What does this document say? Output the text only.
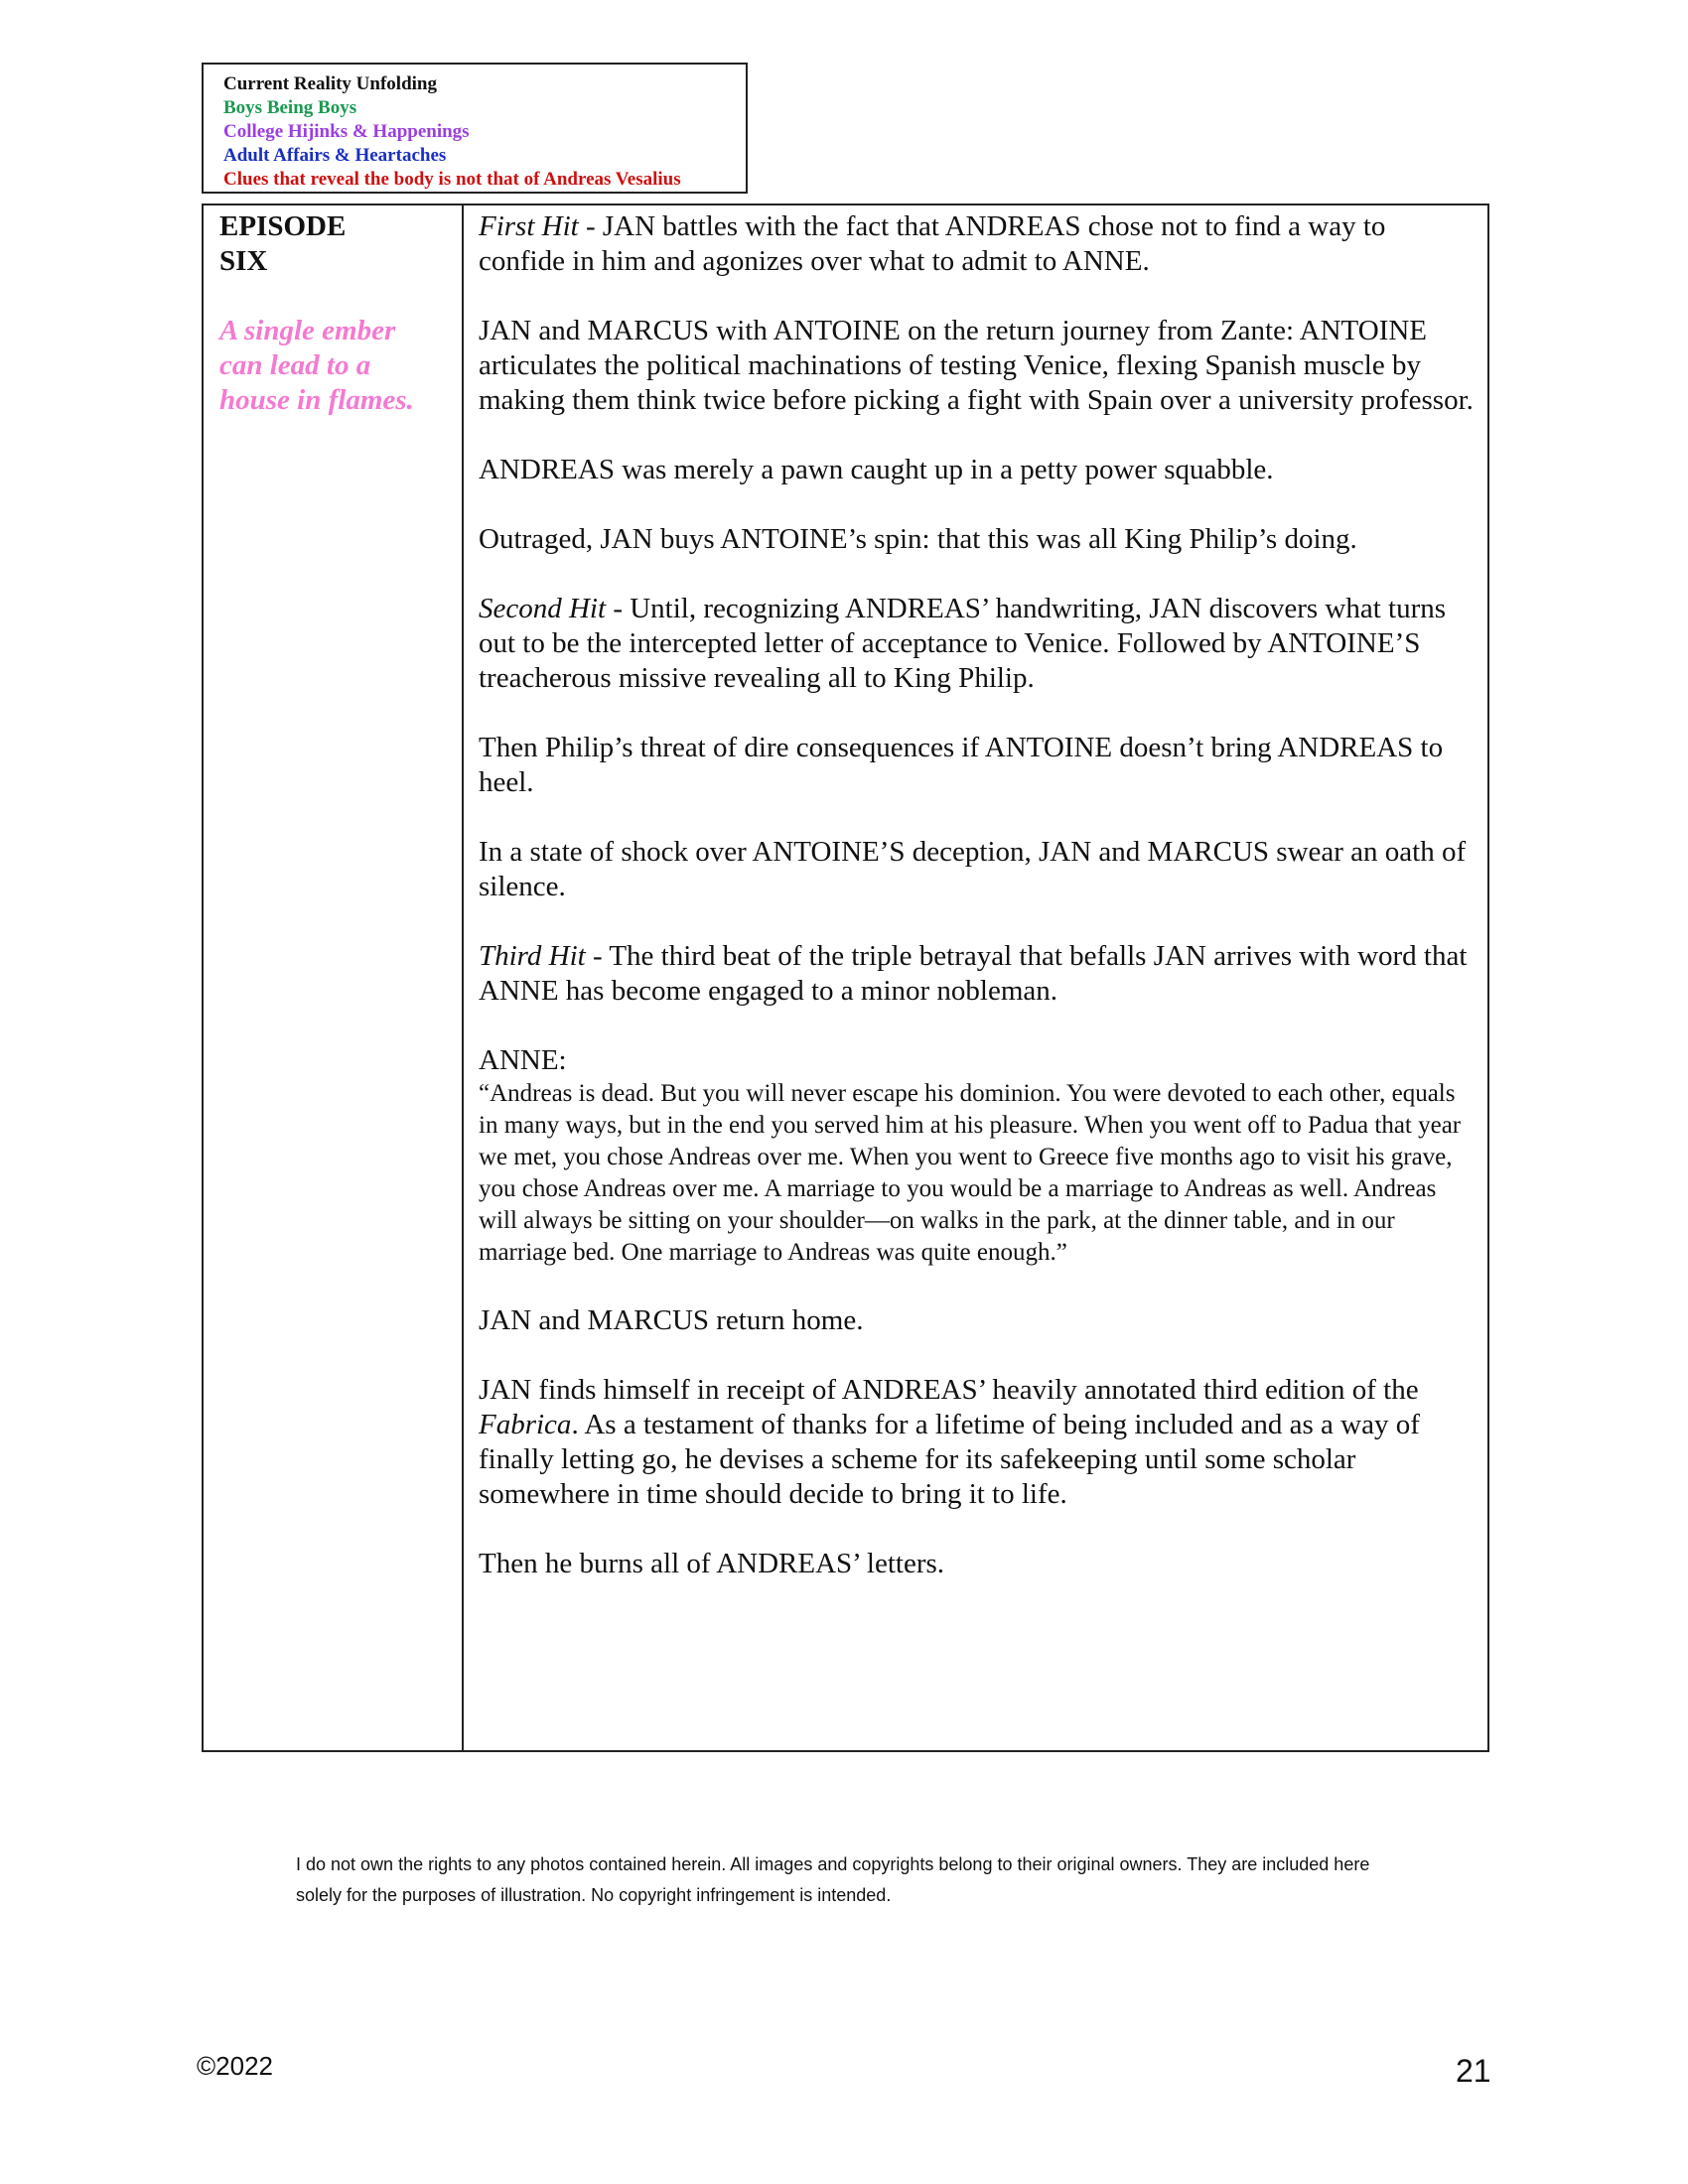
Current Reality Unfolding
Boys Being Boys
College Hijinks & Happenings
Adult Affairs & Heartaches
Clues that reveal the body is not that of Andreas Vesalius
EPISODE
SIX
A single ember
can lead to a
house in flames.

First Hit - JAN battles with the fact that ANDREAS chose not to find a way to confide in him and agonizes over what to admit to ANNE.

JAN and MARCUS with ANTOINE on the return journey from Zante: ANTOINE articulates the political machinations of testing Venice, flexing Spanish muscle by making them think twice before picking a fight with Spain over a university professor.

ANDREAS was merely a pawn caught up in a petty power squabble.

Outraged, JAN buys ANTOINE’s spin: that this was all King Philip’s doing.

Second Hit - Until, recognizing ANDREAS’ handwriting, JAN discovers what turns out to be the intercepted letter of acceptance to Venice. Followed by ANTOINE’S treacherous missive revealing all to King Philip.

Then Philip’s threat of dire consequences if ANTOINE doesn’t bring ANDREAS to heel.

In a state of shock over ANTOINE’S deception, JAN and MARCUS swear an oath of silence.

Third Hit - The third beat of the triple betrayal that befalls JAN arrives with word that ANNE has become engaged to a minor nobleman.

ANNE:

“Andreas is dead. But you will never escape his dominion. You were devoted to each other, equals in many ways, but in the end you served him at his pleasure. When you went off to Padua that year we met, you chose Andreas over me. When you went to Greece five months ago to visit his grave, you chose Andreas over me. A marriage to you would be a marriage to Andreas as well. Andreas will always be sitting on your shoulder—on walks in the park, at the dinner table, and in our marriage bed. One marriage to Andreas was quite enough.”

JAN and MARCUS return home.

JAN finds himself in receipt of ANDREAS’ heavily annotated third edition of the Fabrica. As a testament of thanks for a lifetime of being included and as a way of finally letting go, he devises a scheme for its safekeeping until some scholar somewhere in time should decide to bring it to life.

Then he burns all of ANDREAS’ letters.

I do not own the rights to any photos contained herein. All images and copyrights belong to their original owners. They are included here
solely for the purposes of illustration. No copyright infringement is intended.
©2022	21
